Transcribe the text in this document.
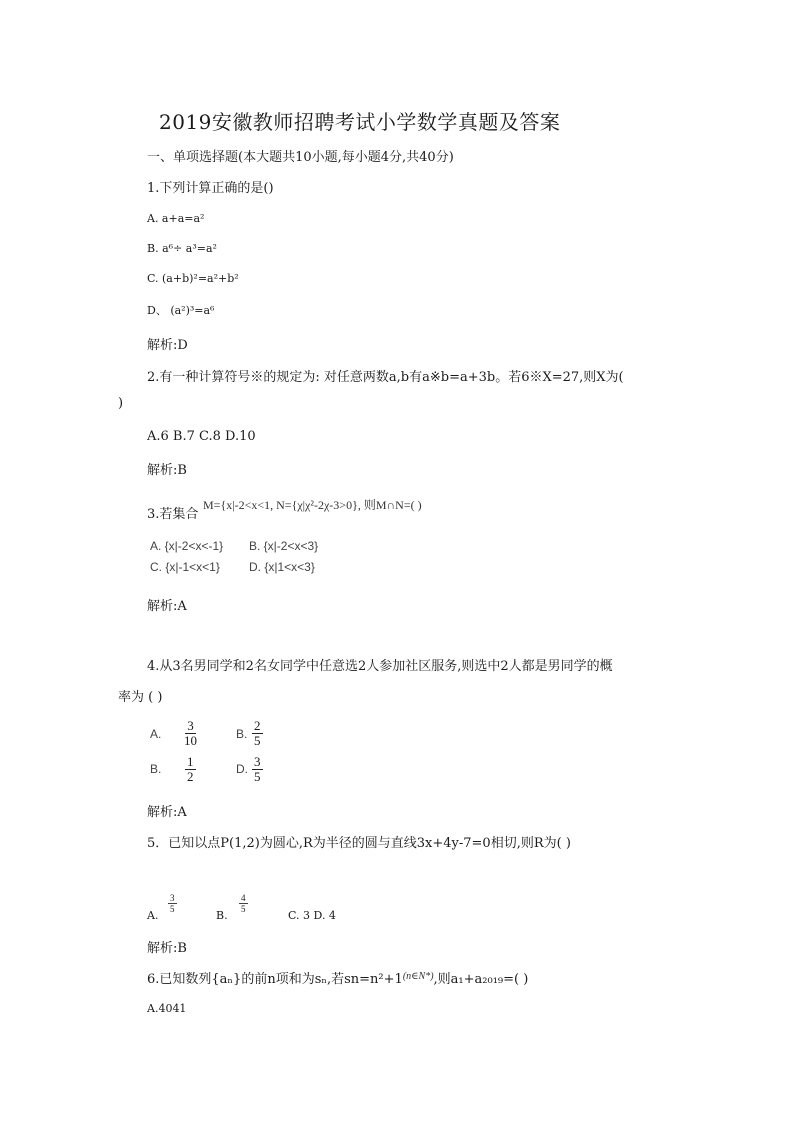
2019安徽教师招聘考试小学数学真题及答案
一、单项选择题(本大题共10小题,每小题4分,共40分)
1.下列计算正确的是()
A. a+a=a²
B. a⁶÷ a³=a²
C. (a+b)²=a²+b²
D、 (a²)³=a⁶
解析:D
2.有一种计算符号※的规定为: 对任意两数a,b有a※b=a+3b。若6※X=27,则X为(
)
A.6 B.7 C.8 D.10
解析:B
3.若集合
M={x|-2<x<1, N={χ|χ²-2χ-3>0}, 则M∩N=( )
A. {x|-2<x<-1} B. {x|-2<x<3}
C. {x|-1<x<1} D. {x|1<x<3}
解析:A
4.从3名男同学和2名女同学中任意选2人参加社区服务,则选中2人都是男同学的概
率为 ( )
A. $\frac{3}{10}$	B. $\frac{2}{5}$
B. $\frac{1}{2}$	D. $\frac{3}{5}$
解析:A
5．已知以点P(1,2)为圆心,R为半径的圆与直线3x+4y-7=0相切,则R为( )
A.
$\frac{3}{5}$
B.
$\frac{4}{5}$
C. 3 D. 4
解析:B
6.已知数列{aₙ}的前n项和为sₙ,若$sn=n^2+1^{(n\in N*)}$,则a₁+a₂₀₁₉=( )
A.4041
